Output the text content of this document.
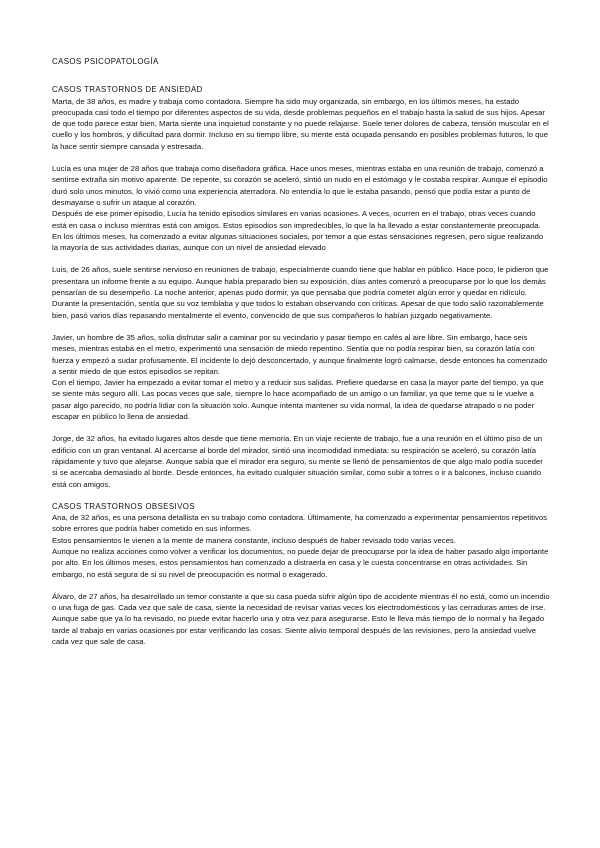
CASOS PSICOPATOLOGÍA
CASOS TRASTORNOS DE ANSIEDAD

Marta, de 38 años, es madre y trabaja como contadora. Siempre ha sido muy organizada, sin embargo, en los últimos meses, ha estado preocupada casi todo el tiempo por diferentes aspectos de su vida, desde problemas pequeños en el trabajo hasta la salud de sus hijos. Apesar de que todo parece estar bien, Marta siente una inquietud constante y no puede relajarse. Suele tener dolores de cabeza, tensión muscular en el cuello y los hombros, y dificultad para dormir. Incluso en su tiempo libre, su mente está ocupada pensando en posibles problemas futuros, lo que la hace sentir siempre cansada y estresada.

Lucía es una mujer de 28 años que trabaja como diseñadora gráfica. Hace unos meses, mientras estaba en una reunión de trabajo, comenzó a sentirse extraña sin motivo aparente. De repente, su corazón se aceleró, sintió un nudo en el estómago y le costaba respirar. Aunque el episodio duró solo unos minutos, lo vivió como una experiencia aterradora. No entendía lo que le estaba pasando, pensó que podía estar a punto de desmayarse o sufrir un ataque al corazón.

Después de ese primer episodio, Lucía ha tenido episodios similares en varias ocasiones. A veces, ocurren en el trabajo, otras veces cuando está en casa o incluso mientras está con amigos. Estos episodios son impredecibles, lo que la ha llevado a estar constantemente preocupada.

En los últimos meses, ha comenzado a evitar algunas situaciones sociales, por temor a que estas sensaciones regresen, pero sigue realizando la mayoría de sus actividades diarias, aunque con un nivel de ansiedad elevado

Luis, de 26 años, suele sentirse nervioso en reuniones de trabajo, especialmente cuando tiene que hablar en público. Hace poco, le pidieron que presentara un informe frente a su equipo. Aunque había preparado bien su exposición, días antes comenzó a preocuparse por lo que los demás pensarían de su desempeño. La noche anterior, apenas pudo dormir, ya que pensaba que podría cometer algún error y quedar en ridículo. Durante la presentación, sentía que su voz temblaba y que todos lo estaban observando con críticas. Apesar de que todo salió razonablemente bien, pasó varios días repasando mentalmente el evento, convencido de que sus compañeros lo habían juzgado negativamente.

Javier, un hombre de 35 años, solía disfrutar salir a caminar por su vecindario y pasar tiempo en cafés al aire libre. Sin embargo, hace seis meses, mientras estaba en el metro, experimentó una sensación de miedo repentino. Sentía que no podía respirar bien, su corazón latía con fuerza y empezó a sudar profusamente. El incidente lo dejó desconcertado, y aunque finalmente logró calmarse, desde entonces ha comenzado a sentir miedo de que estos episodios se repitan.

Con el tiempo, Javier ha empezado a evitar tomar el metro y a reducir sus salidas. Prefiere quedarse en casa la mayor parte del tiempo, ya que se siente más seguro allí. Las pocas veces que sale, siempre lo hace acompañado de un amigo o un familiar, ya que teme que si le vuelve a pasar algo parecido, no podría lidiar con la situación solo. Aunque intenta mantener su vida normal, la idea de quedarse atrapado o no poder escapar en público lo llena de ansiedad.

Jorge, de 32 años, ha evitado lugares altos desde que tiene memoria. En un viaje reciente de trabajo, fue a una reunión en el último piso de un edificio con un gran ventanal. Al acercarse al borde del mirador, sintió una incomodidad inmediata: su respiración se aceleró, su corazón latía rápidamente y tuvo que alejarse. Aunque sabía que el mirador era seguro, su mente se llenó de pensamientos de que algo malo podía suceder si se acercaba demasiado al borde. Desde entonces, ha evitado cualquier situación similar, como subir a torres o ir a balcones, incluso cuando está con amigos.

CASOS TRASTORNOS OBSESIVOS

Ana, de 32 años, es una persona detallista en su trabajo como contadora. Últimamente, ha comenzado a experimentar pensamientos repetitivos sobre errores que podría haber cometido en sus informes.

Estos pensamientos le vienen a la mente de manera constante, incluso después de haber revisado todo varias veces.

Aunque no realiza acciones como volver a verificar los documentos, no puede dejar de preocuparse por la idea de haber pasado algo importante por alto. En los últimos meses, estos pensamientos han comenzado a distraerla en casa y le cuesta concentrarse en otras actividades. Sin embargo, no está segura de si su nivel de preocupación es normal o exagerado.

Álvaro, de 27 años, ha desarrollado un temor constante a que su casa pueda sufrir algún tipo de accidente mientras él no está, como un incendio o una fuga de gas. Cada vez que sale de casa, siente la necesidad de revisar varias veces los electrodomésticos y las cerraduras antes de irse. Aunque sabe que ya lo ha revisado, no puede evitar hacerlo una y otra vez para asegurarse. Esto le lleva más tiempo de lo normal y ha llegado tarde al trabajo en varias ocasiones por estar verificando las cosas. Siente alivio temporal después de las revisiones, pero la ansiedad vuelve cada vez que sale de casa.
